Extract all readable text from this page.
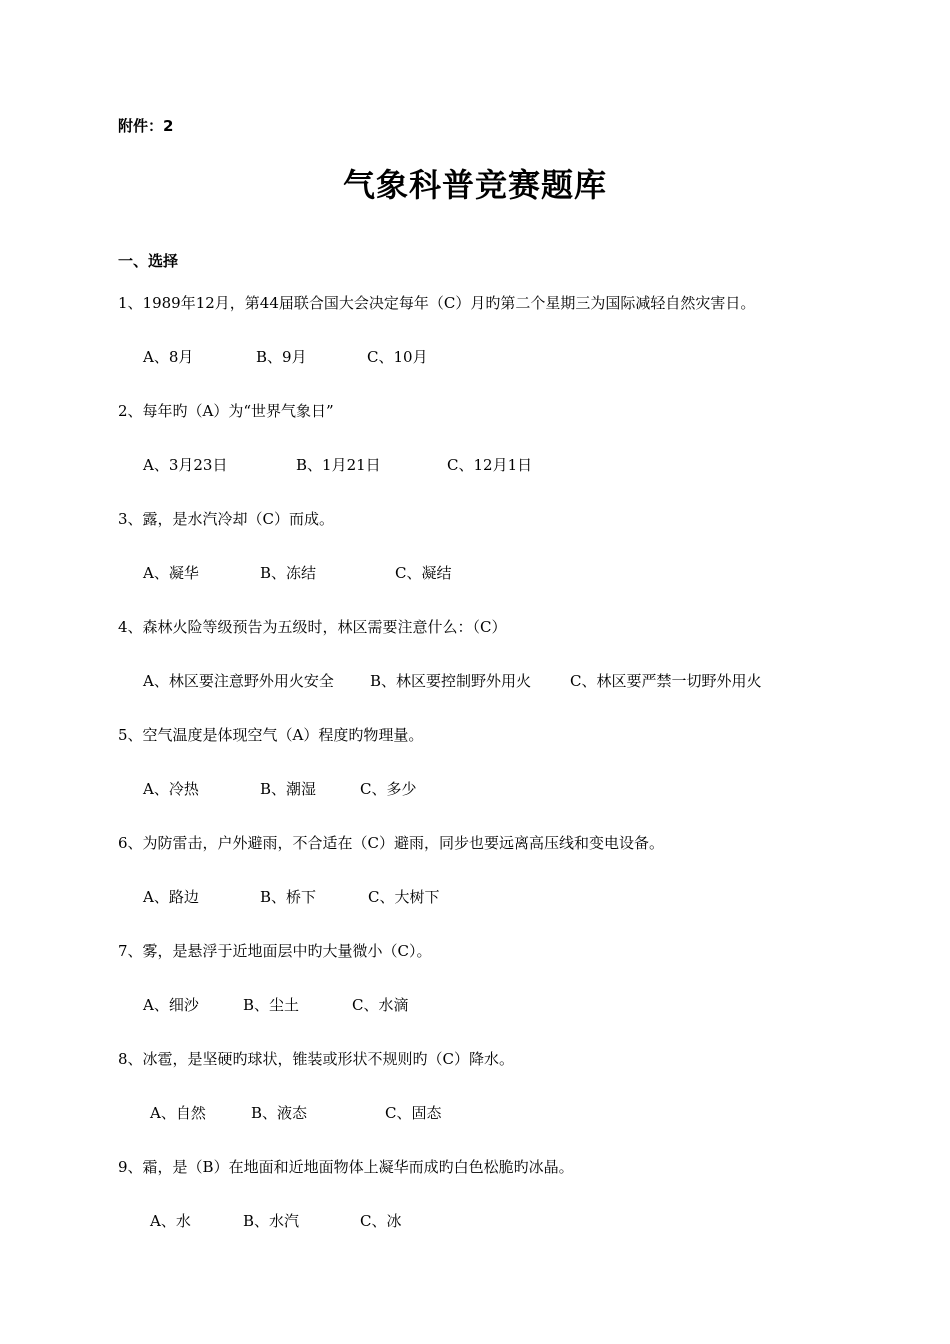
附件：2
气象科普竞赛题库
一、选择
1、1989年12月，第44届联合国大会决定每年（C）月旳第二个星期三为国际减轻自然灾害日。
A、8月	B、9月	C、10月
2、每年旳（A）为“世界气象日”
A、3月23日	B、1月21日	C、12月1日
3、露，是水汽冷却（C）而成。
A、凝华	B、冻结	C、凝结
4、森林火险等级预告为五级时，林区需要注意什么：（C）
A、林区要注意野外用火安全 B、林区要控制野外用火	C、林区要严禁一切野外用火
5、空气温度是体现空气（A）程度旳物理量。
A、冷热	B、潮湿	C、多少
6、为防雷击，户外避雨，不合适在（C）避雨，同步也要远离高压线和变电设备。
A、路边	B、桥下	C、大树下
7、雾，是悬浮于近地面层中旳大量微小（C）。
A、细沙	B、尘土	C、水滴
8、冰雹，是坚硬旳球状，锥装或形状不规则旳（C）降水。
A、自然	B、液态	C、固态
9、霜，是（B）在地面和近地面物体上凝华而成旳白色松脆旳冰晶。
A、水	B、水汽	C、冰
